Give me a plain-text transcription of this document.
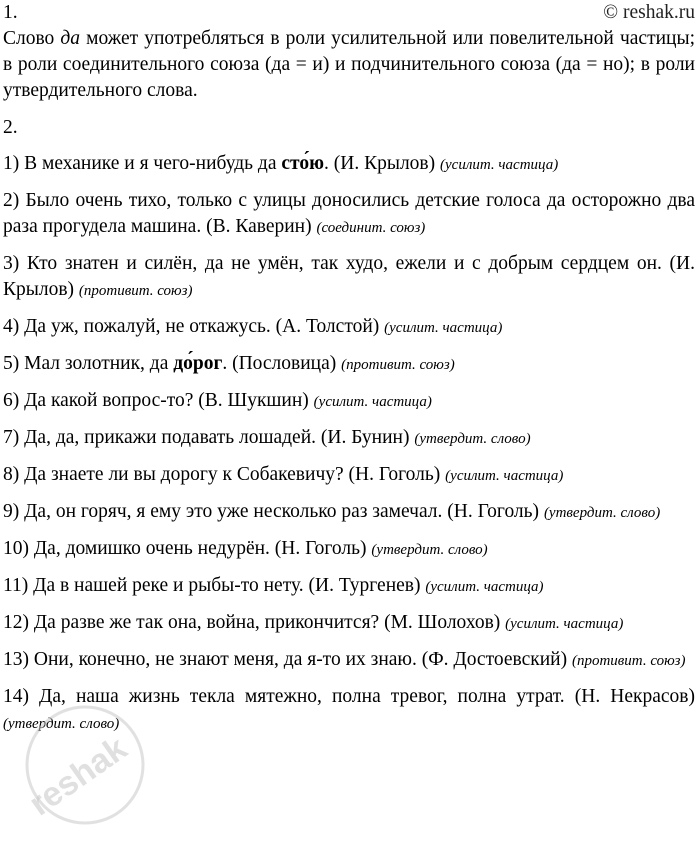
1.	© reshak.ru

Слово да может употребляться в роли усилительной или повелительной частицы; в роли соединительного союза (да = и) и подчинительного союза (да = но); в роли утвердительного слова.

2.

1) В механике и я чего-нибудь да сто́ю. (И. Крылов) (усилит. частица)

2) Было очень тихо, только с улицы доносились детские голоса да осторожно два раза прогудела машина. (В. Каверин) (соединит. союз)

3) Кто знатен и силён, да не умён, так худо, ежели и с добрым сердцем он. (И. Крылов) (противит. союз)

4) Да уж, пожалуй, не откажусь. (А. Толстой) (усилит. частица)

5) Мал золотник, да до́рог. (Пословица) (противит. союз)

6) Да какой вопрос-то? (В. Шукшин) (усилит. частица)

7) Да, да, прикажи подавать лошадей. (И. Бунин) (утвердит. слово)

8) Да знаете ли вы дорогу к Собакевичу? (Н. Гоголь) (усилит. частица)

9) Да, он горяч, я ему это уже несколько раз замечал. (Н. Гоголь) (утвердит. слово)

10) Да, домишко очень недурён. (Н. Гоголь) (утвердит. слово)

11) Да в нашей реке и рыбы-то нету. (И. Тургенев) (усилит. частица)

12) Да разве же так она, война, прикончится? (М. Шолохов) (усилит. частица)

13) Они, конечно, не знают меня, да я-то их знаю. (Ф. Достоевский) (противит. союз)

14) Да, наша жизнь текла мятежно, полна тревог, полна утрат. (Н. Некрасов) (утвердит. слово)

reshak
